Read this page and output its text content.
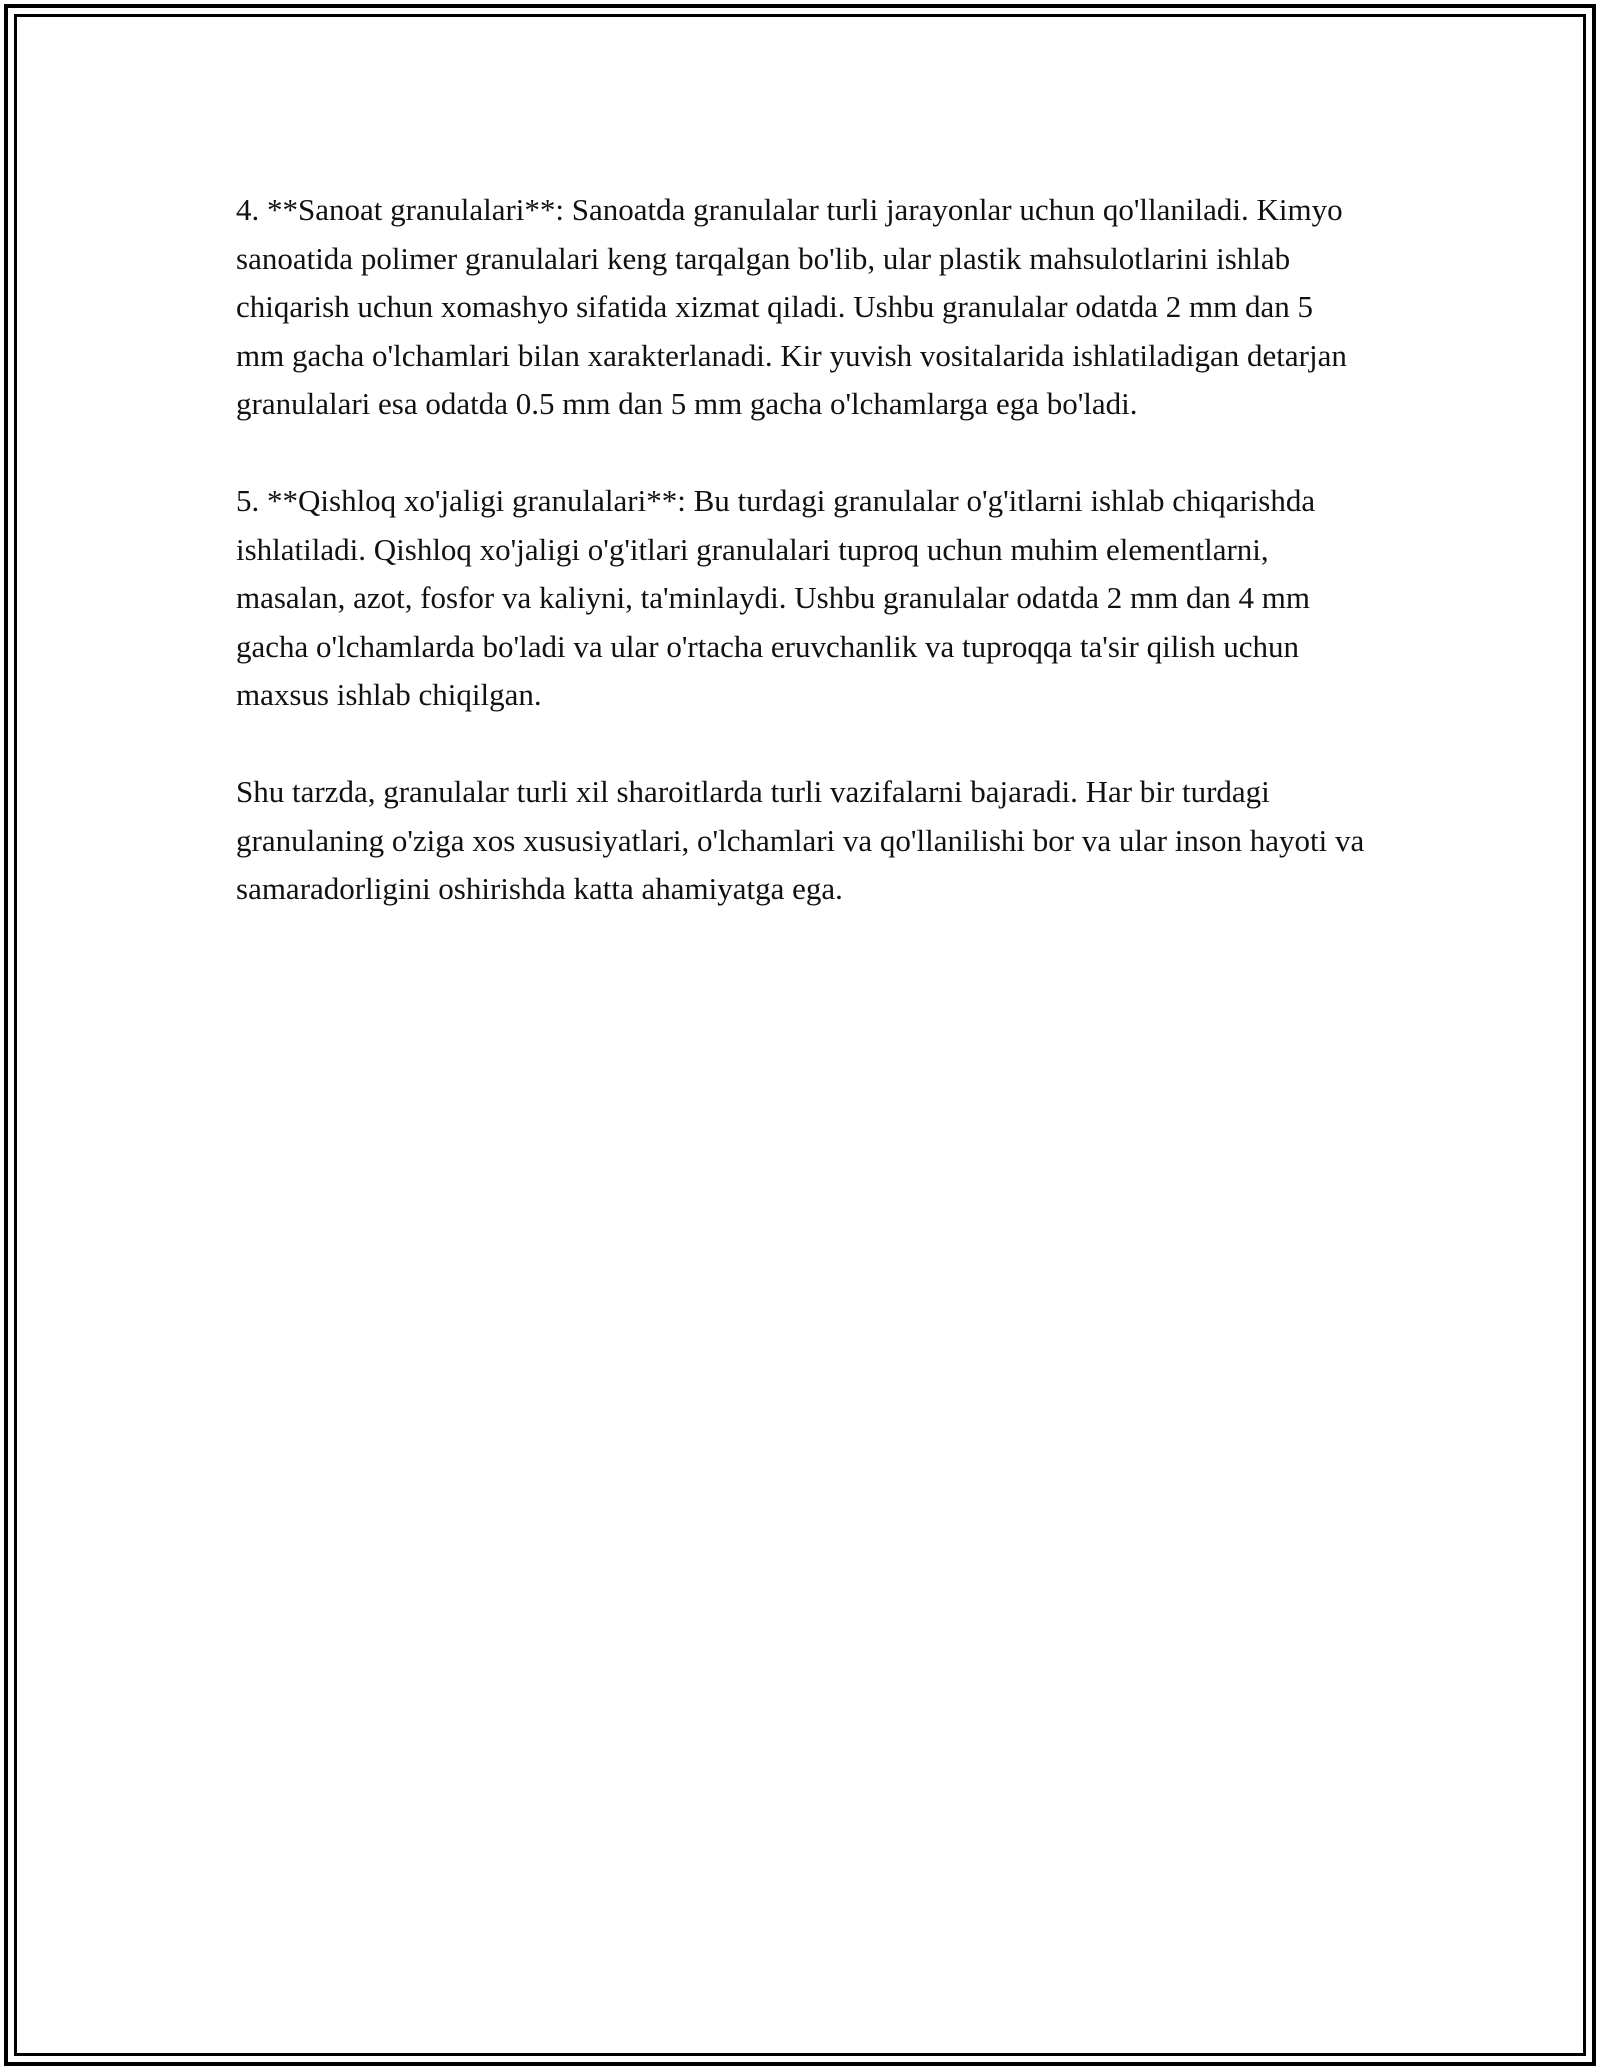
4. **Sanoat granulalari**: Sanoatda granulalar turli jarayonlar uchun qo'llaniladi. Kimyo sanoatida polimer granulalari keng tarqalgan bo'lib, ular plastik mahsulotlarini ishlab chiqarish uchun xomashyo sifatida xizmat qiladi. Ushbu granulalar odatda 2 mm dan 5 mm gacha o'lchamlari bilan xarakterlanadi. Kir yuvish vositalarida ishlatiladigan detarjan granulalari esa odatda 0.5 mm dan 5 mm gacha o'lchamlarga ega bo'ladi.

5. **Qishloq xo'jaligi granulalari**: Bu turdagi granulalar o'g'itlarni ishlab chiqarishda ishlatiladi. Qishloq xo'jaligi o'g'itlari granulalari tuproq uchun muhim elementlarni, masalan, azot, fosfor va kaliyni, ta'minlaydi. Ushbu granulalar odatda 2 mm dan 4 mm gacha o'lchamlarda bo'ladi va ular o'rtacha eruvchanlik va tuproqqa ta'sir qilish uchun maxsus ishlab chiqilgan.

Shu tarzda, granulalar turli xil sharoitlarda turli vazifalarni bajaradi. Har bir turdagi granulaning o'ziga xos xususiyatlari, o'lchamlari va qo'llanilishi bor va ular inson hayoti va samaradorligini oshirishda katta ahamiyatga ega.
